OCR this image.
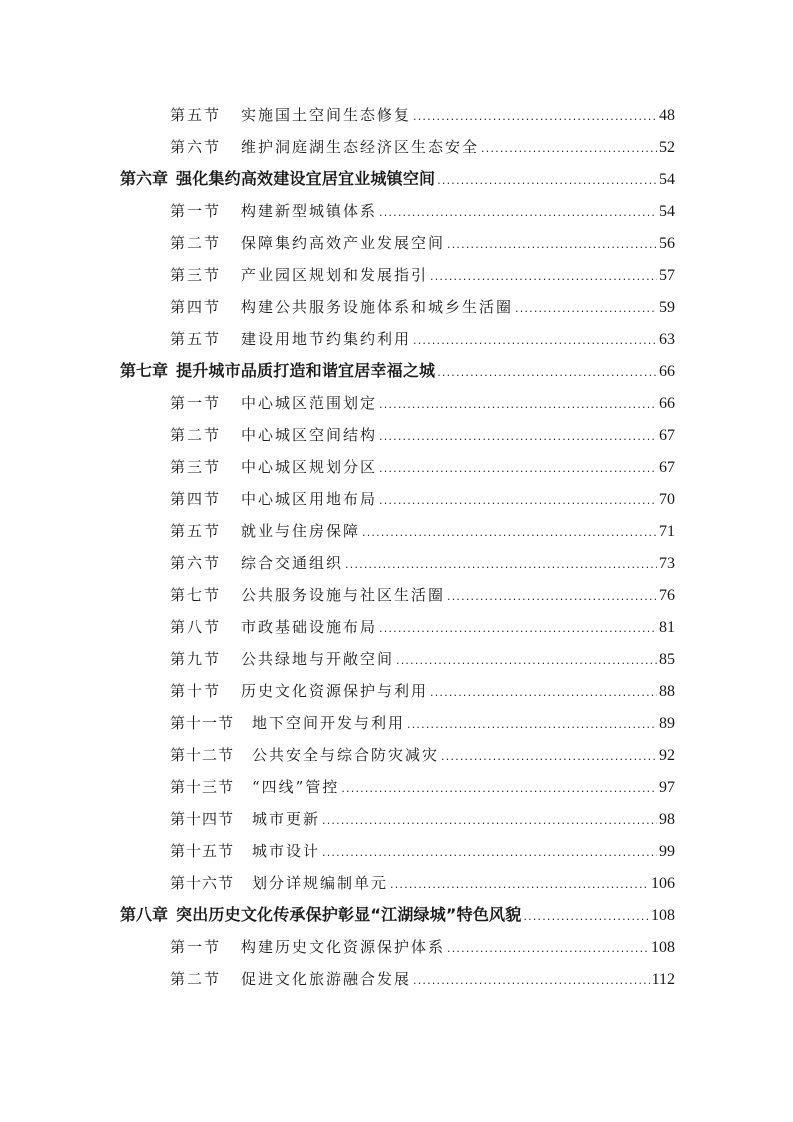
第五节 实施国土空间生态修复 .....	48
第六节 维护洞庭湖生态经济区生态安全 .....	52
第六章 强化集约高效建设宜居宜业城镇空间 .....	54
第一节 构建新型城镇体系 .....	54
第二节 保障集约高效产业发展空间 .....	56
第三节 产业园区规划和发展指引 .....	57
第四节 构建公共服务设施体系和城乡生活圈 .....	59
第五节 建设用地节约集约利用 .....	63
第七章 提升城市品质打造和谐宜居幸福之城 .....	66
第一节 中心城区范围划定 .....	66
第二节 中心城区空间结构 .....	67
第三节 中心城区规划分区 .....	67
第四节 中心城区用地布局 .....	70
第五节 就业与住房保障 .....	71
第六节 综合交通组织 .....	73
第七节 公共服务设施与社区生活圈 .....	76
第八节 市政基础设施布局 .....	81
第九节 公共绿地与开敞空间 .....	85
第十节 历史文化资源保护与利用 .....	88
第十一节 地下空间开发与利用 .....	89
第十二节 公共安全与综合防灾减灾 .....	92
第十三节 “四线”管控 .....	97
第十四节 城市更新 .....	98
第十五节 城市设计 .....	99
第十六节 划分详规编制单元 .....	106
第八章 突出历史文化传承保护彰显“江湖绿城”特色风貌 .....	108
第一节 构建历史文化资源保护体系 .....	108
第二节 促进文化旅游融合发展 .....	112
